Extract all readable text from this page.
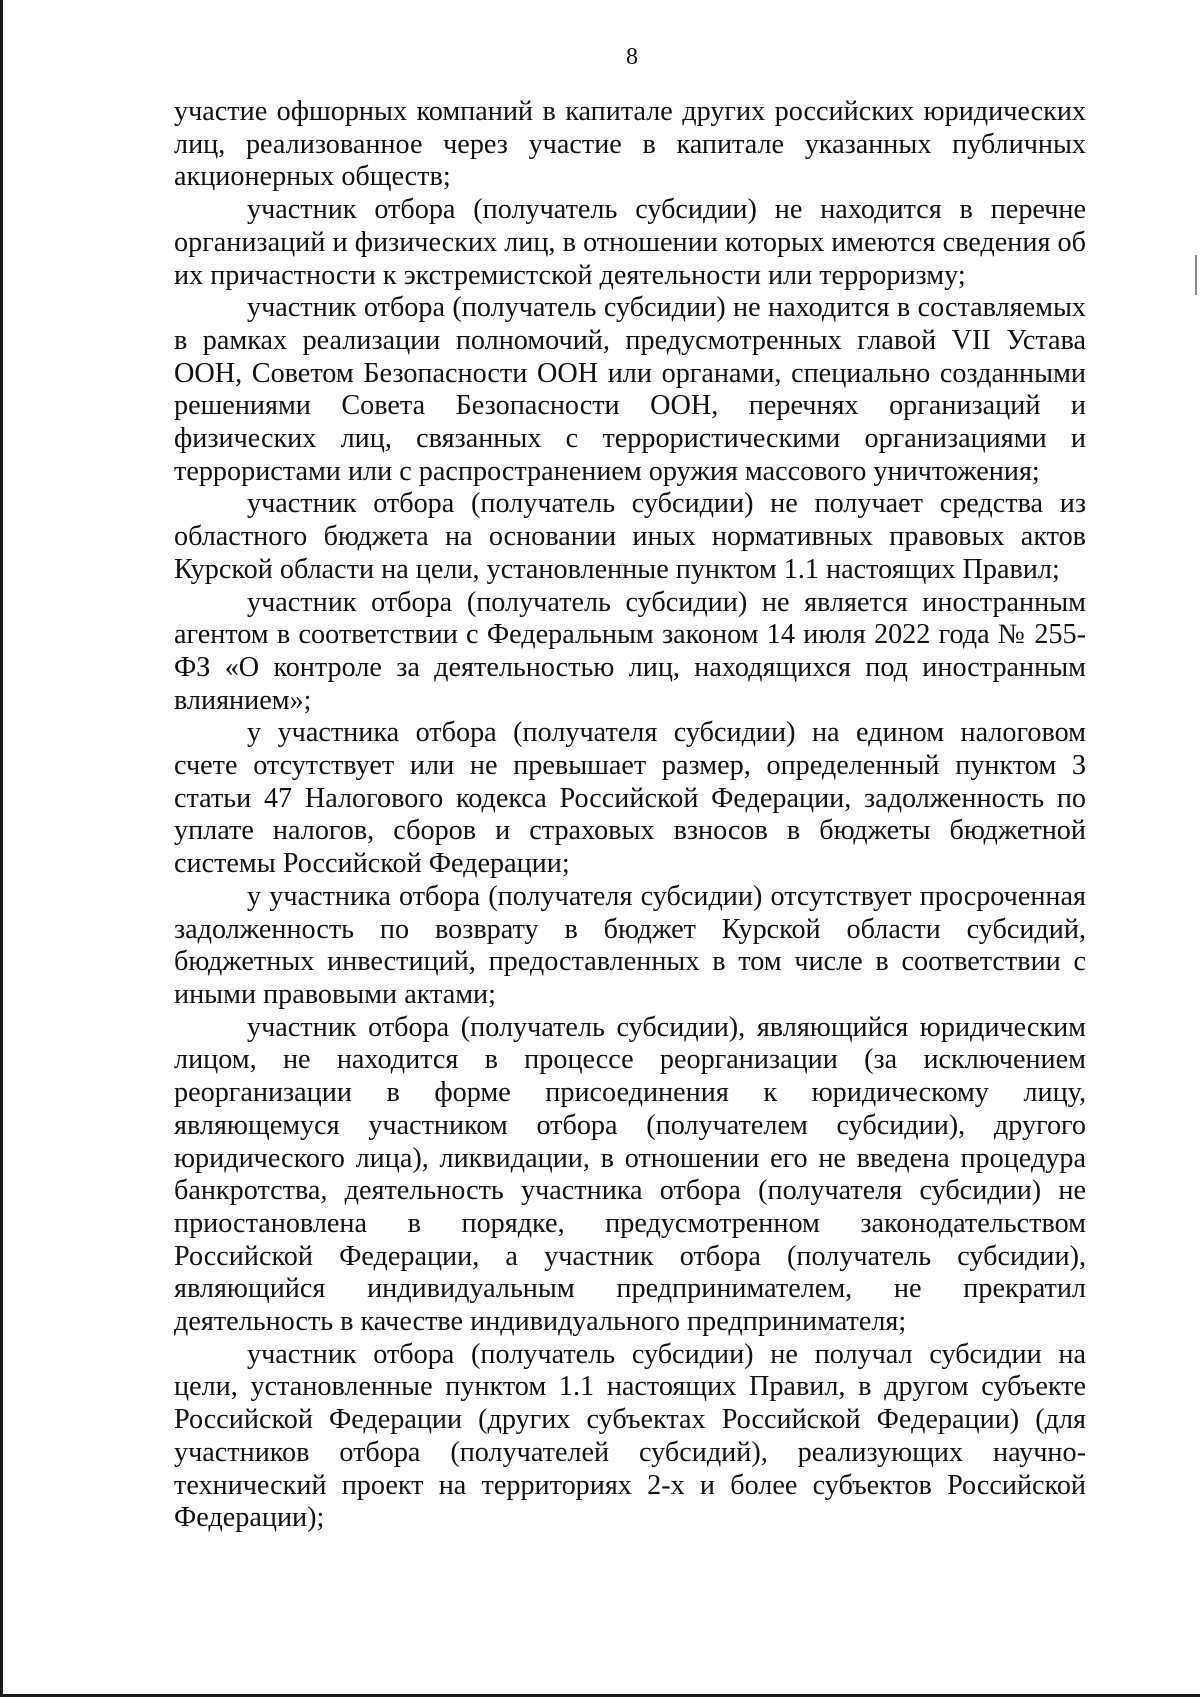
8

участие офшорных компаний в капитале других российских юридических лиц, реализованное через участие в капитале указанных публичных акционерных обществ;

участник отбора (получатель субсидии) не находится в перечне организаций и физических лиц, в отношении которых имеются сведения об их причастности к экстремистской деятельности или терроризму;

участник отбора (получатель субсидии) не находится в составляемых в рамках реализации полномочий, предусмотренных главой VII Устава ООН, Советом Безопасности ООН или органами, специально созданными решениями Совета Безопасности ООН, перечнях организаций и физических лиц, связанных с террористическими организациями и террористами или с распространением оружия массового уничтожения;

участник отбора (получатель субсидии) не получает средства из областного бюджета на основании иных нормативных правовых актов Курской области на цели, установленные пунктом 1.1 настоящих Правил;

участник отбора (получатель субсидии) не является иностранным агентом в соответствии с Федеральным законом 14 июля 2022 года № 255-ФЗ «О контроле за деятельностью лиц, находящихся под иностранным влиянием»;

у участника отбора (получателя субсидии) на едином налоговом счете отсутствует или не превышает размер, определенный пунктом 3 статьи 47 Налогового кодекса Российской Федерации, задолженность по уплате налогов, сборов и страховых взносов в бюджеты бюджетной системы Российской Федерации;

у участника отбора (получателя субсидии) отсутствует просроченная задолженность по возврату в бюджет Курской области субсидий, бюджетных инвестиций, предоставленных в том числе в соответствии с иными правовыми актами;

участник отбора (получатель субсидии), являющийся юридическим лицом, не находится в процессе реорганизации (за исключением реорганизации в форме присоединения к юридическому лицу, являющемуся участником отбора (получателем субсидии), другого юридического лица), ликвидации, в отношении его не введена процедура банкротства, деятельность участника отбора (получателя субсидии) не приостановлена в порядке, предусмотренном законодательством Российской Федерации, а участник отбора (получатель субсидии), являющийся индивидуальным предпринимателем, не прекратил деятельность в качестве индивидуального предпринимателя;

участник отбора (получатель субсидии) не получал субсидии на цели, установленные пунктом 1.1 настоящих Правил, в другом субъекте Российской Федерации (других субъектах Российской Федерации) (для участников отбора (получателей субсидий), реализующих научно-технический проект на территориях 2-х и более субъектов Российской Федерации);
